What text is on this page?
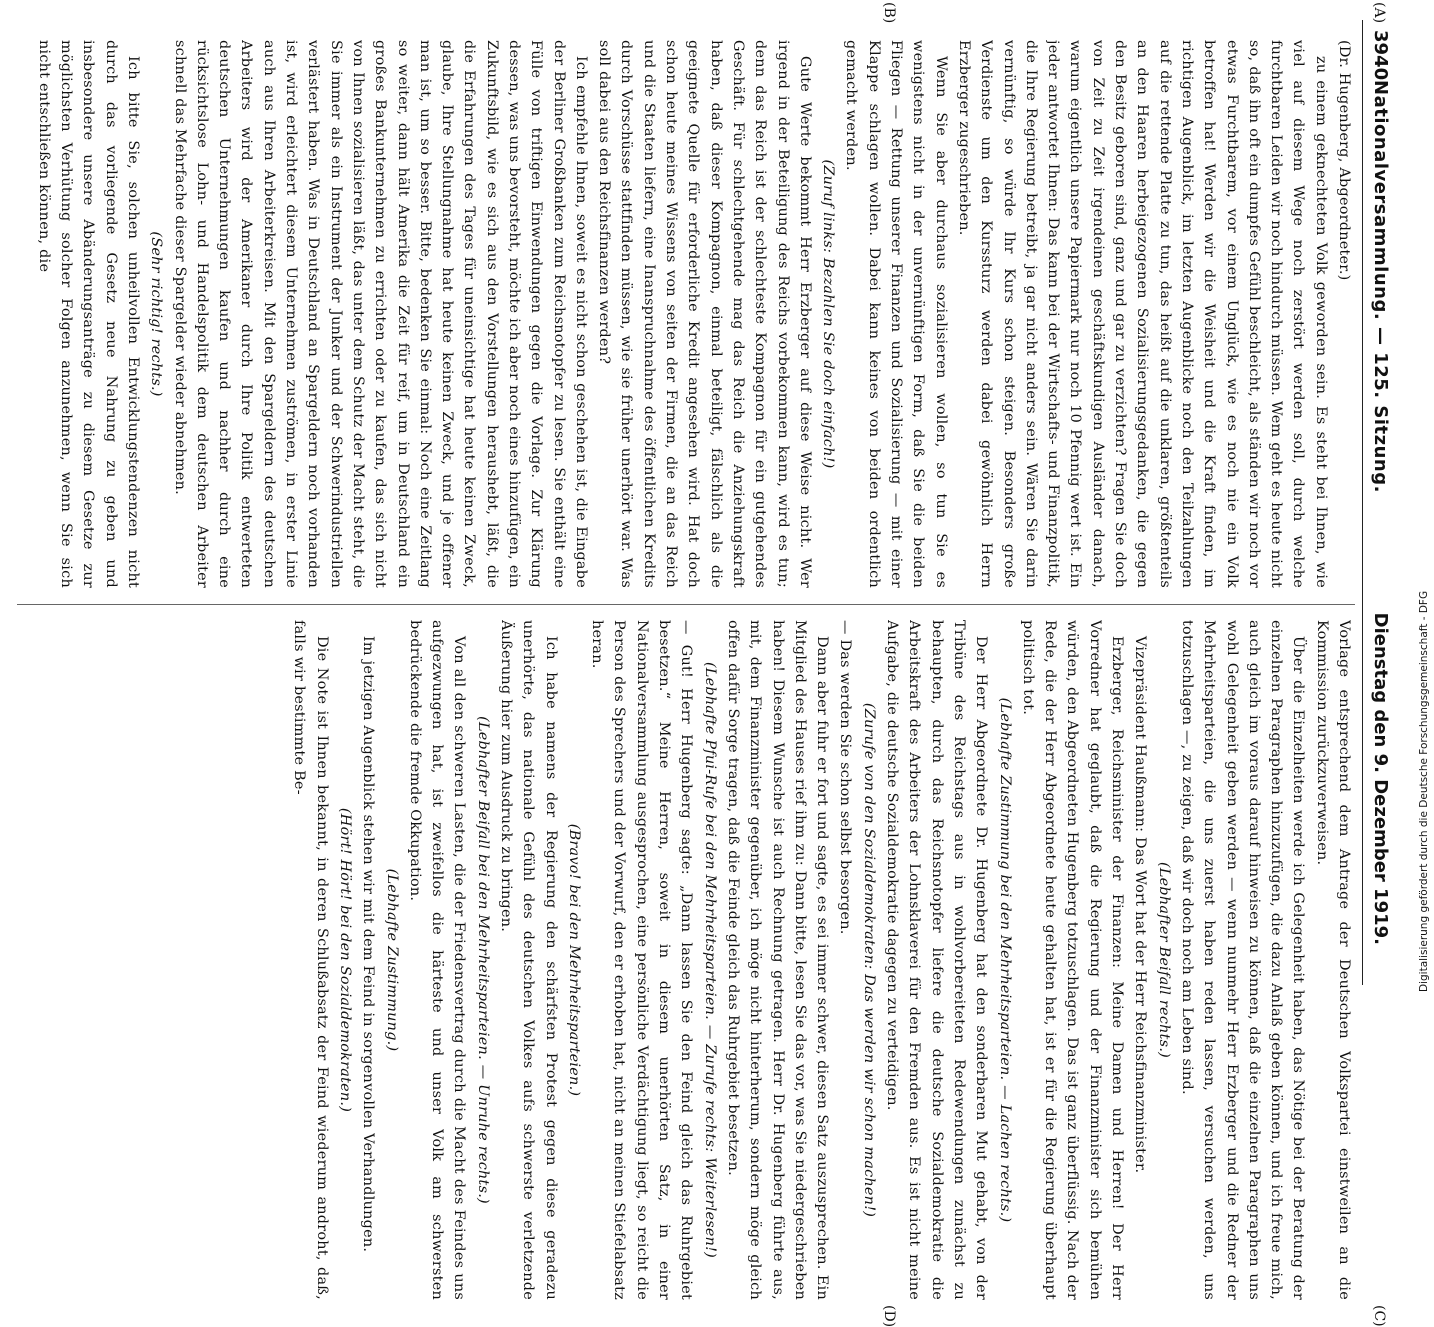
3940
Nationalversammlung. — 125. Sitzung.
Dienstag den 9. Dezember 1919.
(A)
(B)
(C)
(D)

(Dr. Hugenberg, Abgeordneter.)

zu einem geknechteten Volk geworden sein. Es steht bei Ihnen, wie viel auf diesem Wege noch zerstört werden soll, durch welche furchtbaren Leiden wir noch hindurch müssen. Wem geht es heute nicht so, daß ihn oft ein dumpfes Gefühl beschleicht, als ständen wir noch vor etwas Furchtbarem, vor einem Unglück, wie es noch nie ein Volk betroffen hat! Werden wir die Weisheit und die Kraft finden, im richtigen Augenblick, im letzten Augenblicke noch den Teilzahlungen auf die rettende Platte zu tun, das heißt auf die unklaren, größtenteils an den Haaren herbeigezogenen Sozialisierungsgedanken, die gegen den Besitz geboren sind, ganz und gar zu verzichten? Fragen Sie doch von Zeit zu Zeit irgendeinen geschäftskundigen Ausländer danach, warum eigentlich unsere Papiermark nur noch 10 Pfennig wert ist. Ein jeder antwortet Ihnen: Das kann bei der Wirtschafts- und Finanzpolitik, die Ihre Regierung betreibt, ja gar nicht anders sein. Wären Sie darin vernünftig, so würde Ihr Kurs schon steigen. Besonders große Verdienste um den Kurssturz werden dabei gewöhnlich Herrn Erzberger zugeschrieben.

Wenn Sie aber durchaus sozialisieren wollen, so tun Sie es wenigstens nicht in der unvernünftigen Form, daß Sie die beiden Fliegen — Rettung unserer Finanzen und Sozialisierung — mit einer Klappe schlagen wollen. Dabei kann keines von beiden ordentlich gemacht werden.

(Zuruf links: Bezahlen Sie doch einfach!)

Gute Werte bekommt Herr Erzberger auf diese Weise nicht. Wer irgend in der Beteiligung des Reichs vorbekommen kann, wird es tun; denn das Reich ist der schlechteste Kompagnon für ein gutgehendes Geschäft. Für schlechtgehende mag das Reich die Anziehungskraft haben, daß dieser Kompagnon, einmal beteiligt, fälschlich als die geeignete Quelle für erforderliche Kredit angesehen wird. Hat doch schon heute meines Wissens von seiten der Firmen, die an das Reich und die Staaten liefern, eine Inanspruchnahme des öffentlichen Kredits durch Vorschüsse stattfinden müssen, wie sie früher unerhört war. Was soll dabei aus den Reichsfinanzen werden?

Ich empfehle Ihnen, soweit es nicht schon geschehen ist, die Eingabe der Berliner Großbanken zum Reichsnotopfer zu lesen. Sie enthält eine Fülle von triftigen Einwendungen gegen die Vorlage. Zur Klärung dessen, was uns bevorsteht, möchte ich aber noch eines hinzufügen, ein Zukunftsbild, wie es sich aus den Vorstellungen heraushebt, läßt, die die Erfahrungen des Tages für uneinsichtige hat heute keinen Zweck, glaube, Ihre Stellungnahme hat heute keinen Zweck, und je offener man ist, um so besser. Bitte, bedenken Sie einmal: Noch eine Zeitlang so weiter, dann hält Amerika die Zeit für reif, um in Deutschland ein großes Bankunternehmen zu errichten oder zu kaufen, das sich nicht von Ihnen sozialisieren läßt, das unter dem Schutz der Macht steht, die Sie immer als ein Instrument der Junker und der Schwerindustriellen verlästert haben. Was in Deutschland an Spargeldern noch vorhanden ist, wird erleichtert diesem Unternehmen zuströmen, in erster Linie auch aus Ihren Arbeiterkreisen. Mit den Spargeldern des deutschen Arbeiters wird der Amerikaner durch Ihre Politik entwerteten deutschen Unternehmungen kaufen und nachher durch eine rücksichtslose Lohn- und Handelspolitik dem deutschen Arbeiter schnell das Mehrfache dieser Spargelder wieder abnehmen.

(Sehr richtig! rechts.)

Ich bitte Sie, solchen unheilvollen Entwicklungstendenzen nicht durch das vorliegende Gesetz neue Nahrung zu geben und insbesondere unsere Abänderungsanträge zu diesem Gesetze zur möglichsten Verhütung solcher Folgen anzunehmen, wenn Sie sich nicht entschließen können, die

Vorlage entsprechend dem Antrage der Deutschen Volkspartei einstweilen an die Kommission zurückzuverweisen.

Über die Einzelheiten werde ich Gelegenheit haben, das Nötige bei der Beratung der einzelnen Paragraphen hinzuzufügen, die dazu Anlaß geben können, und ich freue mich, auch gleich im voraus darauf hinweisen zu können, daß die einzelnen Paragraphen uns wohl Gelegenheit geben werden — wenn nunmehr Herr Erzberger und die Redner der Mehrheitsparteien, die uns zuerst haben reden lassen, versuchen werden, uns totzuschlagen —, zu zeigen, daß wir doch noch am Leben sind.

(Lebhafter Beifall rechts.)

Vizepräsident Haußmann: Das Wort hat der Herr Reichsfinanzminister.

Erzberger, Reichsminister der Finanzen: Meine Damen und Herren! Der Herr Vorredner hat geglaubt, daß die Regierung und der Finanzminister sich bemühen würden, den Abgeordneten Hugenberg totzuschlagen. Das ist ganz überflüssig. Nach der Rede, die der Herr Abgeordnete heute gehalten hat, ist er für die Regierung überhaupt politisch tot.

(Lebhafte Zustimmung bei den Mehrheitsparteien. — Lachen rechts.)

Der Herr Abgeordnete Dr. Hugenberg hat den sonderbaren Mut gehabt, von der Tribüne des Reichstags aus in wohlvorbereiteten Redewendungen zunächst zu behaupten, durch das Reichsnotopfer liefere die deutsche Sozialdemokratie die Arbeitskraft des Arbeiters der Lohnsklaverei für den Fremden aus. Es ist nicht meine Aufgabe, die deutsche Sozialdemokratie dagegen zu verteidigen.

(Zurufe von den Sozialdemokraten: Das werden wir schon machen!)

— Das werden Sie schon selbst besorgen.

Dann aber fuhr er fort und sagte, es sei immer schwer, diesen Satz auszusprechen. Ein Mitglied des Hauses rief ihm zu: Dann bitte, lesen Sie das vor, was Sie niedergeschrieben haben! Diesem Wunsche ist auch Rechnung getragen. Herr Dr. Hugenberg führte aus, mit, dem Finanzminister gegenüber, ich möge nicht hinterherum, sondern möge gleich offen dafür Sorge tragen, daß die Feinde gleich das Ruhrgebiet besetzen.

(Lebhafte Pfui-Rufe bei den Mehrheitsparteien. — Zurufe rechts: Weiterlesen!)

— Gut! Herr Hugenberg sagte: „Dann lassen Sie den Feind gleich das Ruhrgebiet besetzen.“ Meine Herren, soweit in diesem unerhörten Satz, in einer Nationalversammlung ausgesprochen, eine persönliche Verdächtigung liegt, so reicht die Person des Sprechers und der Vorwurf, den er erhoben hat, nicht an meinen Stiefelabsatz heran.

(Bravo! bei den Mehrheitsparteien.)

Ich habe namens der Regierung den schärfsten Protest gegen diese geradezu unerhörte, das nationale Gefühl des deutschen Volkes aufs schwerste verletzende Äußerung hier zum Ausdruck zu bringen.

(Lebhafter Beifall bei den Mehrheitsparteien. — Unruhe rechts.)

Von all den schweren Lasten, die der Friedensvertrag durch die Macht des Feindes uns aufgezwungen hat, ist zweifellos die härteste und unser Volk am schwersten bedrückende die fremde Okkupation.

(Lebhafte Zustimmung.)

Im jetzigen Augenblick stehen wir mit dem Feind in sorgenvollen Verhandlungen.

(Hört! Hört! bei den Sozialdemokraten.)

Die Note ist Ihnen bekannt, in deren Schlußabsatz der Feind wiederum androht, daß, falls wir bestimmte Be-	Digitalisierung gefördert durch die Deutsche Forschungsgemeinschaft - DFG
